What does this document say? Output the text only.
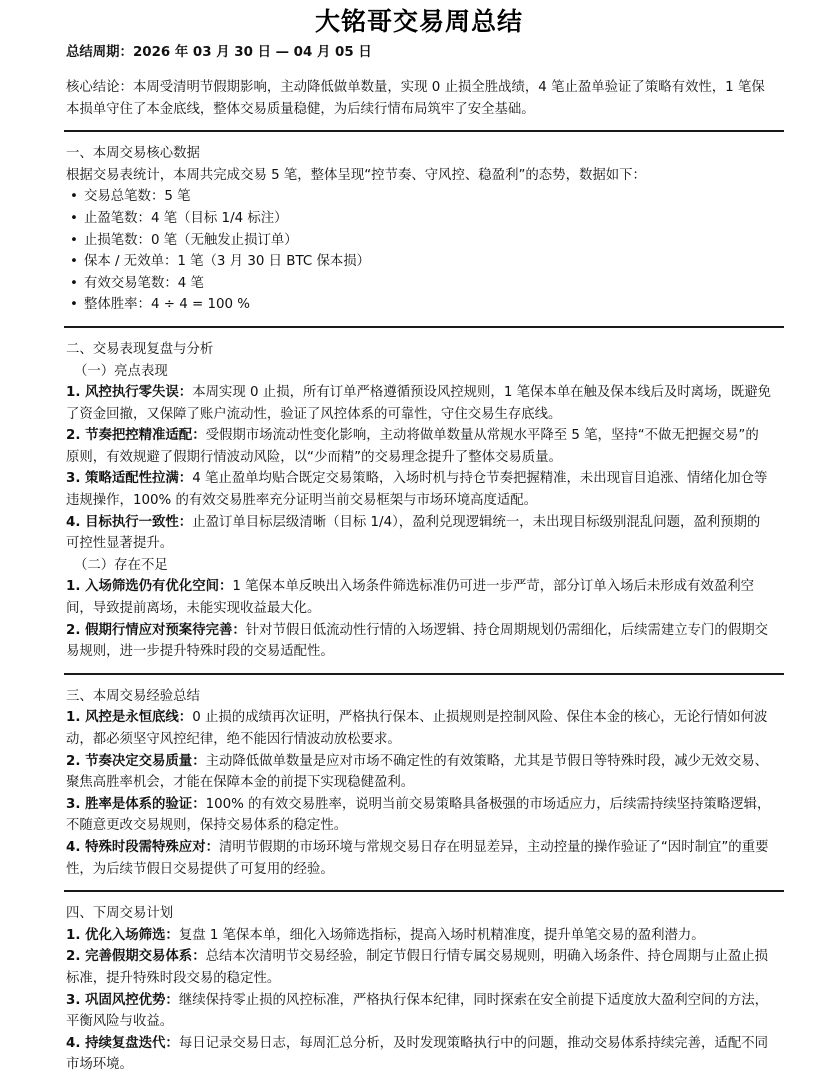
大铭哥交易周总结

总结周期：2026 年 03 月 30 日 — 04 月 05 日

核心结论：本周受清明节假期影响，主动降低做单数量，实现 0 止损全胜战绩，4 笔止盈单验证了策略有效性，1 笔保本损单守住了本金底线，整体交易质量稳健，为后续行情布局筑牢了安全基础。

一、本周交易核心数据

根据交易表统计，本周共完成交易 5 笔，整体呈现“控节奏、守风控、稳盈利”的态势，数据如下：

• 交易总笔数：5 笔
• 止盈笔数：4 笔（目标 1/4 标注）
• 止损笔数：0 笔（无触发止损订单）
• 保本 / 无效单：1 笔（3 月 30 日 BTC 保本损）
• 有效交易笔数：4 笔
• 整体胜率：4 ÷ 4 = 100 %

二、交易表现复盘与分析

（一）亮点表现

1. 风控执行零失误：本周实现 0 止损，所有订单严格遵循预设风控规则，1 笔保本单在触及保本线后及时离场，既避免了资金回撤，又保障了账户流动性，验证了风控体系的可靠性，守住交易生存底线。

2. 节奏把控精准适配：受假期市场流动性变化影响，主动将做单数量从常规水平降至 5 笔，坚持“不做无把握交易”的原则，有效规避了假期行情波动风险，以“少而精”的交易理念提升了整体交易质量。

3. 策略适配性拉满：4 笔止盈单均贴合既定交易策略，入场时机与持仓节奏把握精准，未出现盲目追涨、情绪化加仓等违规操作，100% 的有效交易胜率充分证明当前交易框架与市场环境高度适配。

4. 目标执行一致性：止盈订单目标层级清晰（目标 1/4），盈利兑现逻辑统一，未出现目标级别混乱问题，盈利预期的可控性显著提升。

（二）存在不足

1. 入场筛选仍有优化空间：1 笔保本单反映出入场条件筛选标准仍可进一步严苛，部分订单入场后未形成有效盈利空间，导致提前离场，未能实现收益最大化。

2. 假期行情应对预案待完善：针对节假日低流动性行情的入场逻辑、持仓周期规划仍需细化，后续需建立专门的假期交易规则，进一步提升特殊时段的交易适配性。

三、本周交易经验总结

1. 风控是永恒底线：0 止损的成绩再次证明，严格执行保本、止损规则是控制风险、保住本金的核心，无论行情如何波动，都必须坚守风控纪律，绝不能因行情波动放松要求。

2. 节奏决定交易质量：主动降低做单数量是应对市场不确定性的有效策略，尤其是节假日等特殊时段，减少无效交易、聚焦高胜率机会，才能在保障本金的前提下实现稳健盈利。

3. 胜率是体系的验证：100% 的有效交易胜率，说明当前交易策略具备极强的市场适应力，后续需持续坚持策略逻辑，不随意更改交易规则，保持交易体系的稳定性。

4. 特殊时段需特殊应对：清明节假期的市场环境与常规交易日存在明显差异，主动控量的操作验证了“因时制宜”的重要性，为后续节假日交易提供了可复用的经验。

四、下周交易计划

1. 优化入场筛选：复盘 1 笔保本单，细化入场筛选指标，提高入场时机精准度，提升单笔交易的盈利潜力。

2. 完善假期交易体系：总结本次清明节交易经验，制定节假日行情专属交易规则，明确入场条件、持仓周期与止盈止损标准，提升特殊时段交易的稳定性。

3. 巩固风控优势：继续保持零止损的风控标准，严格执行保本纪律，同时探索在安全前提下适度放大盈利空间的方法，平衡风险与收益。

4. 持续复盘迭代：每日记录交易日志，每周汇总分析，及时发现策略执行中的问题，推动交易体系持续完善，适配不同市场环境。
